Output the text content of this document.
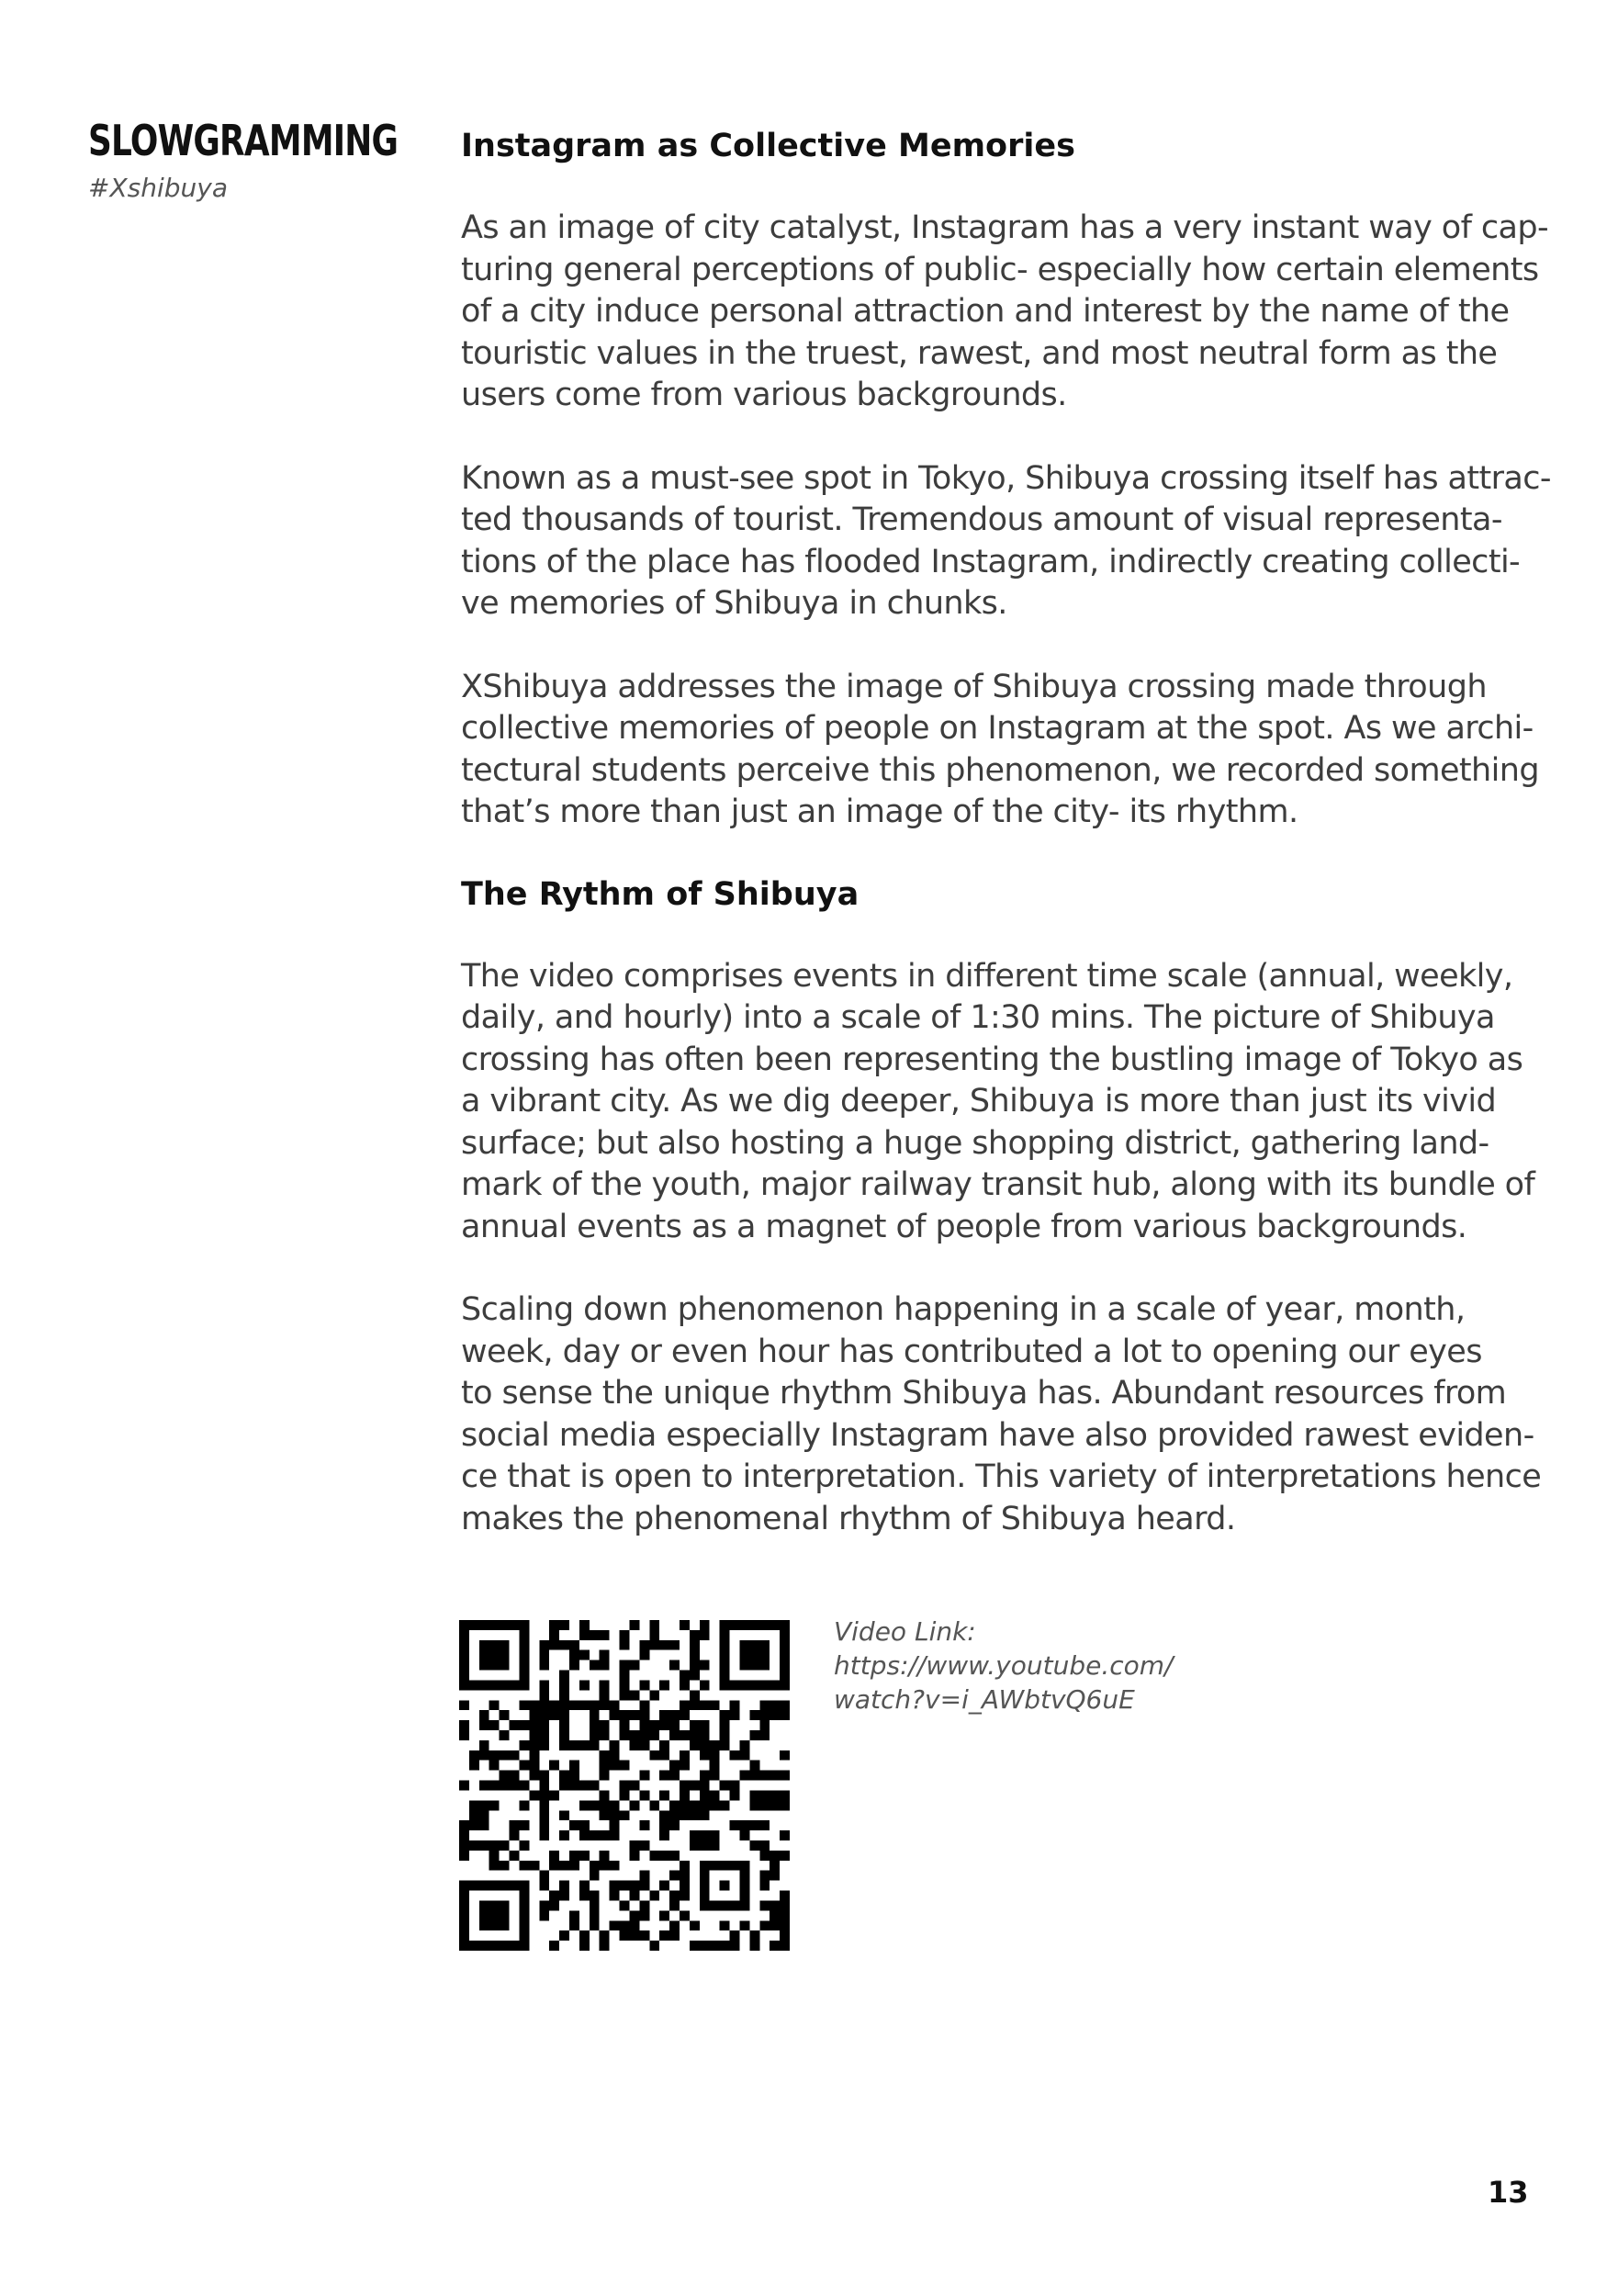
SLOWGRAMMING
#Xshibuya
Instagram as Collective Memories
As an image of city catalyst, Instagram has a very instant way of cap-
turing general perceptions of public- especially how certain elements
of a city induce personal attraction and interest by the name of the
touristic values in the truest, rawest, and most neutral form as the
users come from various backgrounds.
Known as a must-see spot in Tokyo, Shibuya crossing itself has attrac-
ted thousands of tourist. Tremendous amount of visual representa-
tions of the place has flooded Instagram, indirectly creating collecti-
ve memories of Shibuya in chunks.
XShibuya addresses the image of Shibuya crossing made through
collective memories of people on Instagram at the spot. As we archi-
tectural students perceive this phenomenon, we recorded something
that’s more than just an image of the city- its rhythm.
The Rythm of Shibuya
The video comprises events in different time scale (annual, weekly,
daily, and hourly) into a scale of 1:30 mins. The picture of Shibuya
crossing has often been representing the bustling image of Tokyo as
a vibrant city. As we dig deeper, Shibuya is more than just its vivid
surface; but also hosting a huge shopping district, gathering land-
mark of the youth, major railway transit hub, along with its bundle of
annual events as a magnet of people from various backgrounds.
Scaling down phenomenon happening in a scale of year, month,
week, day or even hour has contributed a lot to opening our eyes
to sense the unique rhythm Shibuya has. Abundant resources from
social media especially Instagram have also provided rawest eviden-
ce that is open to interpretation. This variety of interpretations hence
makes the phenomenal rhythm of Shibuya heard.
Video Link:
https://www.youtube.com/
watch?v=i_AWbtvQ6uE
13
